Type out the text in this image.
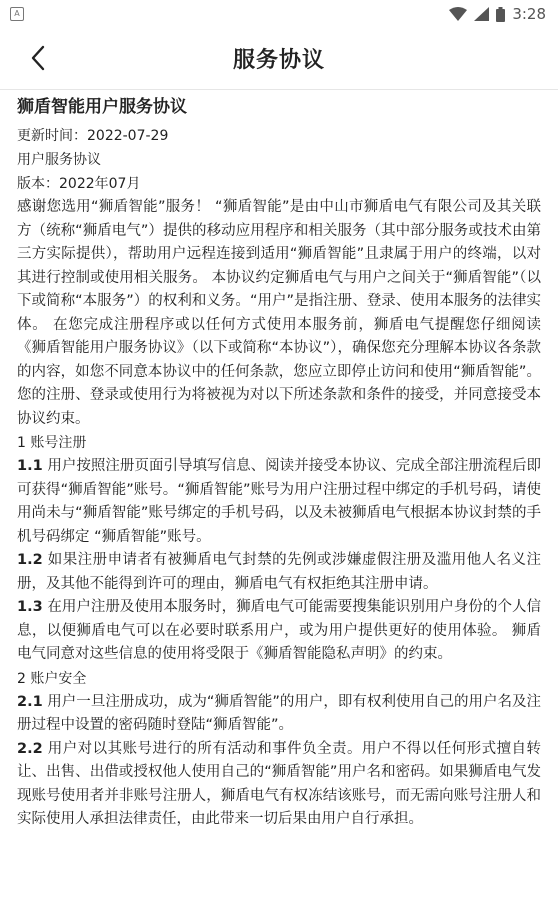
A	3:28
服务协议
狮盾智能用户服务协议

更新时间：2022-07-29

用户服务协议

版本：2022年07月

感谢您选用“狮盾智能”服务！ “狮盾智能”是由中山市狮盾电气有限公司及其关联方（统称“狮盾电气”）提供的移动应用程序和相关服务（其中部分服务或技术由第三方实际提供），帮助用户远程连接到适用“狮盾智能”且隶属于用户的终端，以对其进行控制或使用相关服务。 本协议约定狮盾电气与用户之间关于“狮盾智能”（以下或简称“本服务”）的权利和义务。“用户”是指注册、登录、使用本服务的法律实体。 在您完成注册程序或以任何方式使用本服务前，狮盾电气提醒您仔细阅读《狮盾智能用户服务协议》（以下或简称“本协议”），确保您充分理解本协议各条款的内容，如您不同意本协议中的任何条款，您应立即停止访问和使用“狮盾智能”。您的注册、登录或使用行为将被视为对以下所述条款和条件的接受，并同意接受本协议约束。

1 账号注册

1.1 用户按照注册页面引导填写信息、阅读并接受本协议、完成全部注册流程后即可获得“狮盾智能”账号。“狮盾智能”账号为用户注册过程中绑定的手机号码，请使用尚未与“狮盾智能”账号绑定的手机号码，以及未被狮盾电气根据本协议封禁的手机号码绑定 “狮盾智能”账号。

1.2 如果注册申请者有被狮盾电气封禁的先例或涉嫌虚假注册及滥用他人名义注册，及其他不能得到许可的理由，狮盾电气有权拒绝其注册申请。

1.3 在用户注册及使用本服务时，狮盾电气可能需要搜集能识别用户身份的个人信息，以便狮盾电气可以在必要时联系用户，或为用户提供更好的使用体验。 狮盾电气同意对这些信息的使用将受限于《狮盾智能隐私声明》的约束。

2 账户安全

2.1 用户一旦注册成功，成为“狮盾智能”的用户，即有权利使用自己的用户名及注册过程中设置的密码随时登陆“狮盾智能”。

2.2 用户对以其账号进行的所有活动和事件负全责。用户不得以任何形式擅自转让、出售、出借或授权他人使用自己的“狮盾智能”用户名和密码。如果狮盾电气发现账号使用者并非账号注册人，狮盾电气有权冻结该账号，而无需向账号注册人和实际使用人承担法律责任，由此带来一切后果由用户自行承担。
